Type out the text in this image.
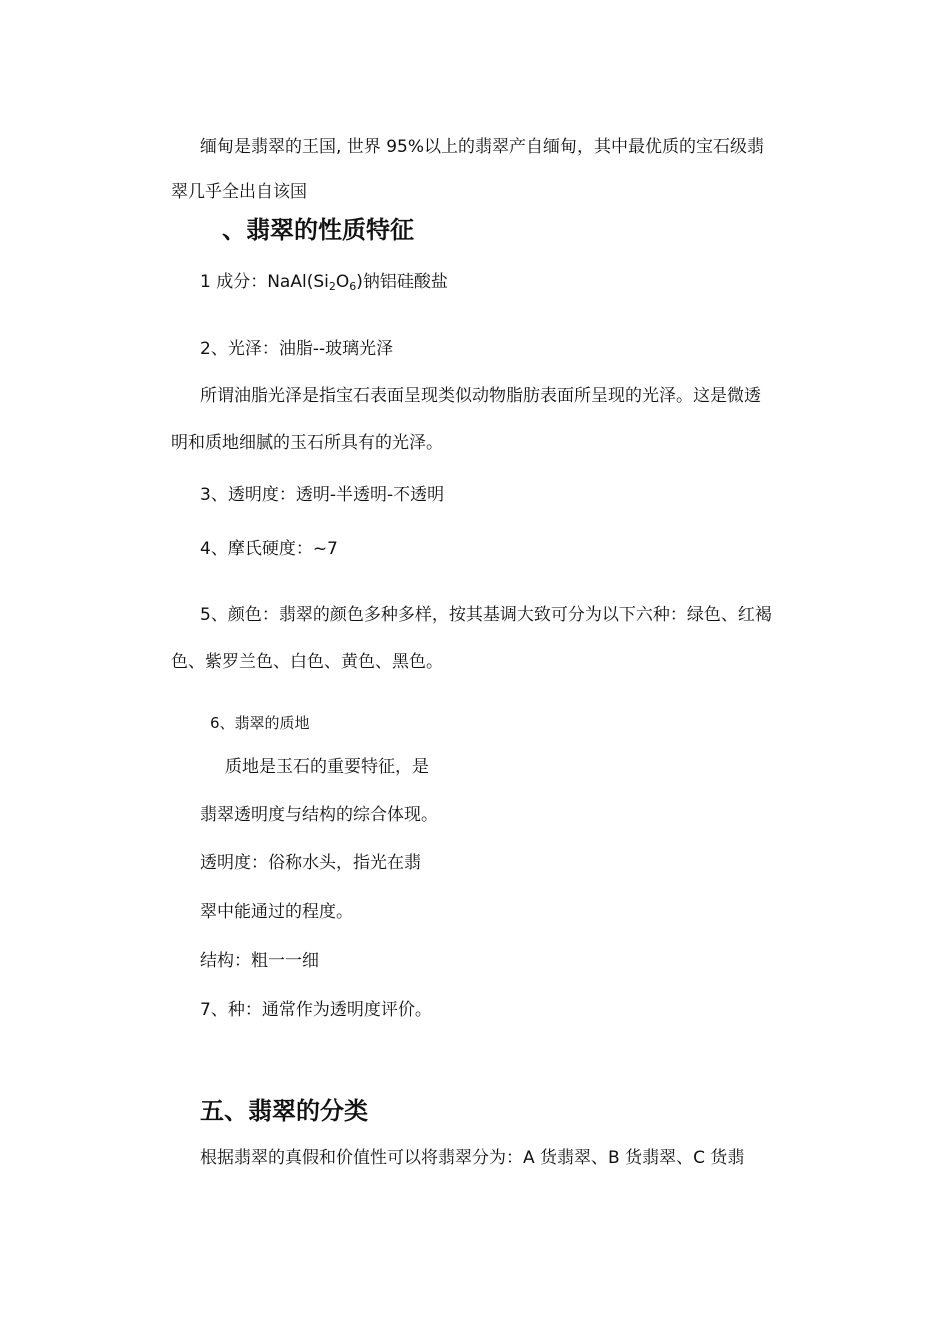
缅甸是翡翠的王国, 世界 95%以上的翡翠产自缅甸，其中最优质的宝石级翡
翠几乎全出自该国
、翡翠的性质特征
1 成分：$NaAl(Si_2O_6)$钠铝硅酸盐
2、光泽：油脂--玻璃光泽
所谓油脂光泽是指宝石表面呈现类似动物脂肪表面所呈现的光泽。这是微透
明和质地细腻的玉石所具有的光泽。
3、透明度：透明-半透明-不透明
4、摩氏硬度：~7
5、颜色：翡翠的颜色多种多样，按其基调大致可分为以下六种：绿色、红褐
色、紫罗兰色、白色、黄色、黑色。
6、翡翠的质地
质地是玉石的重要特征，是
翡翠透明度与结构的综合体现。
透明度：俗称水头，指光在翡
翠中能通过的程度。
结构：粗一一细
7、种：通常作为透明度评价。
五、翡翠的分类
根据翡翠的真假和价值性可以将翡翠分为：A 货翡翠、B 货翡翠、C 货翡
